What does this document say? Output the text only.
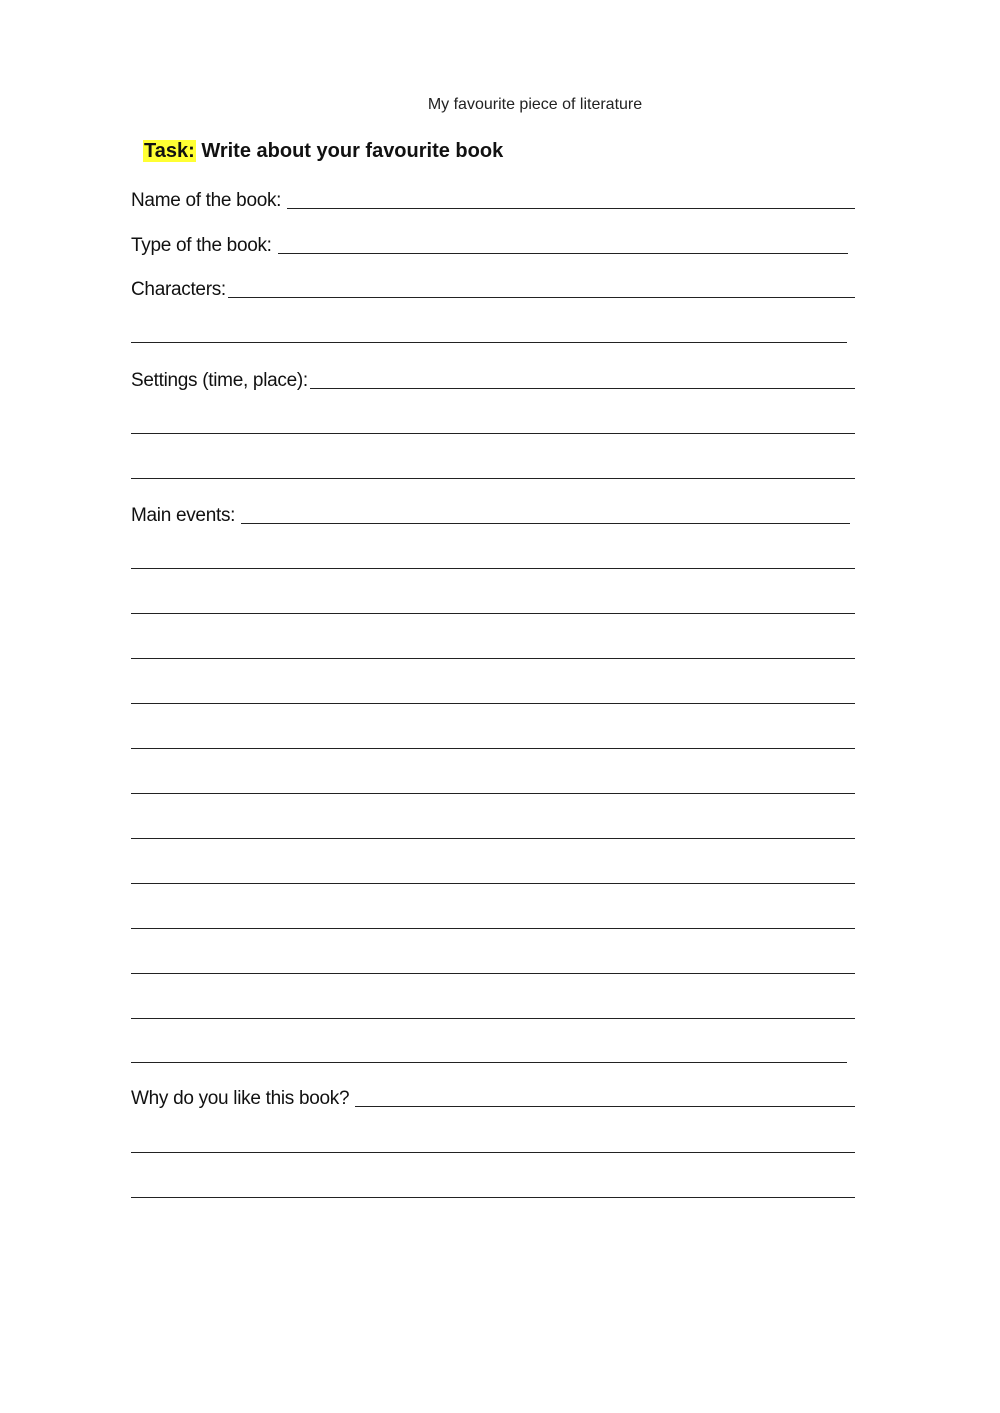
My favourite piece of literature
Task: Write about your favourite book
Name of the book:
Type of the book:
Characters:
Settings (time, place):
Main events:
Why do you like this book?
